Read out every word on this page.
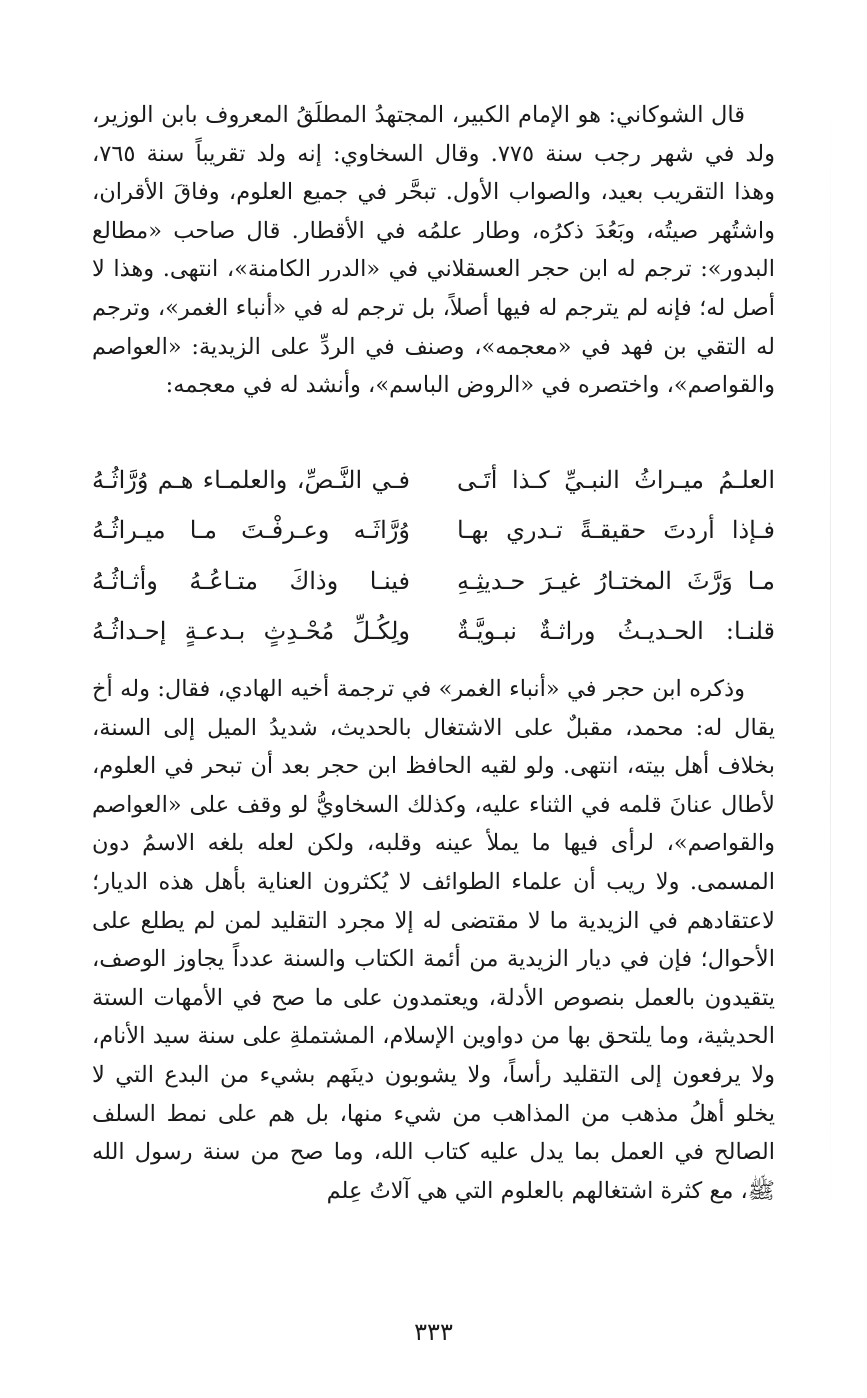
قال الشوكاني: هو الإمام الكبير، المجتهدُ المطلَقُ المعروف بابن الوزير، ولد في شهر رجب سنة ٧٧٥. وقال السخاوي: إنه ولد تقريباً سنة ٧٦٥، وهذا التقريب بعيد، والصواب الأول. تبحَّر في جميع العلوم، وفاقَ الأقران، واشتُهر صيتُه، وبَعُدَ ذكرُه، وطار علمُه في الأقطار. قال صاحب «مطالع البدور»: ترجم له ابن حجر العسقلاني في «الدرر الكامنة»، انتهى. وهذا لا أصل له؛ فإنه لم يترجم له فيها أصلاً، بل ترجم له في «أنباء الغمر»، وترجم له التقي بن فهد في «معجمه»، وصنف في الردِّ على الزيدية: «العواصم والقواصم»، واختصره في «الروض الباسم»، وأنشد له في معجمه:

العلـمُ ميـراثُ النبـيِّ كـذا أتَـى
فـي النَّـصِّ، والعلمـاء هـم وُرَّاثُـهُ
فـإذا أردتَ حقيقـةً تـدري بهـا
وُرَّاثَـه وعـرفْـتَ مـا ميـراثُـهُ
مـا وَرَّثَ المختـارُ غيـرَ حـديثِـهِ
فينـا وذاكَ متـاعُـهُ وأثـاثُـهُ
قلنـا: الحـديـثُ وراثـةٌ نبـويَّـةٌ
ولِكُـلِّ مُحْـدِثٍ بـدعـةٍ إحـداثُـهُ

وذكره ابن حجر في «أنباء الغمر» في ترجمة أخيه الهادي، فقال: وله أخ يقال له: محمد، مقبلٌ على الاشتغال بالحديث، شديدُ الميل إلى السنة، بخلاف أهل بيته، انتهى. ولو لقيه الحافظ ابن حجر بعد أن تبحر في العلوم، لأطال عنانَ قلمه في الثناء عليه، وكذلك السخاويُّ لو وقف على «العواصم والقواصم»، لرأى فيها ما يملأ عينه وقلبه، ولكن لعله بلغه الاسمُ دون المسمى. ولا ريب أن علماء الطوائف لا يُكثرون العناية بأهل هذه الديار؛ لاعتقادهم في الزيدية ما لا مقتضى له إلا مجرد التقليد لمن لم يطلع على الأحوال؛ فإن في ديار الزيدية من أئمة الكتاب والسنة عدداً يجاوز الوصف، يتقيدون بالعمل بنصوص الأدلة، ويعتمدون على ما صح في الأمهات الستة الحديثية، وما يلتحق بها من دواوين الإسلام، المشتملةِ على سنة سيد الأنام، ولا يرفعون إلى التقليد رأساً، ولا يشوبون دينَهم بشيء من البدع التي لا يخلو أهلُ مذهب من المذاهب من شيء منها، بل هم على نمط السلف الصالح في العمل بما يدل عليه كتاب الله، وما صح من سنة رسول الله ﷺ، مع كثرة اشتغالهم بالعلوم التي هي آلاتُ عِلم

٣٣٣
